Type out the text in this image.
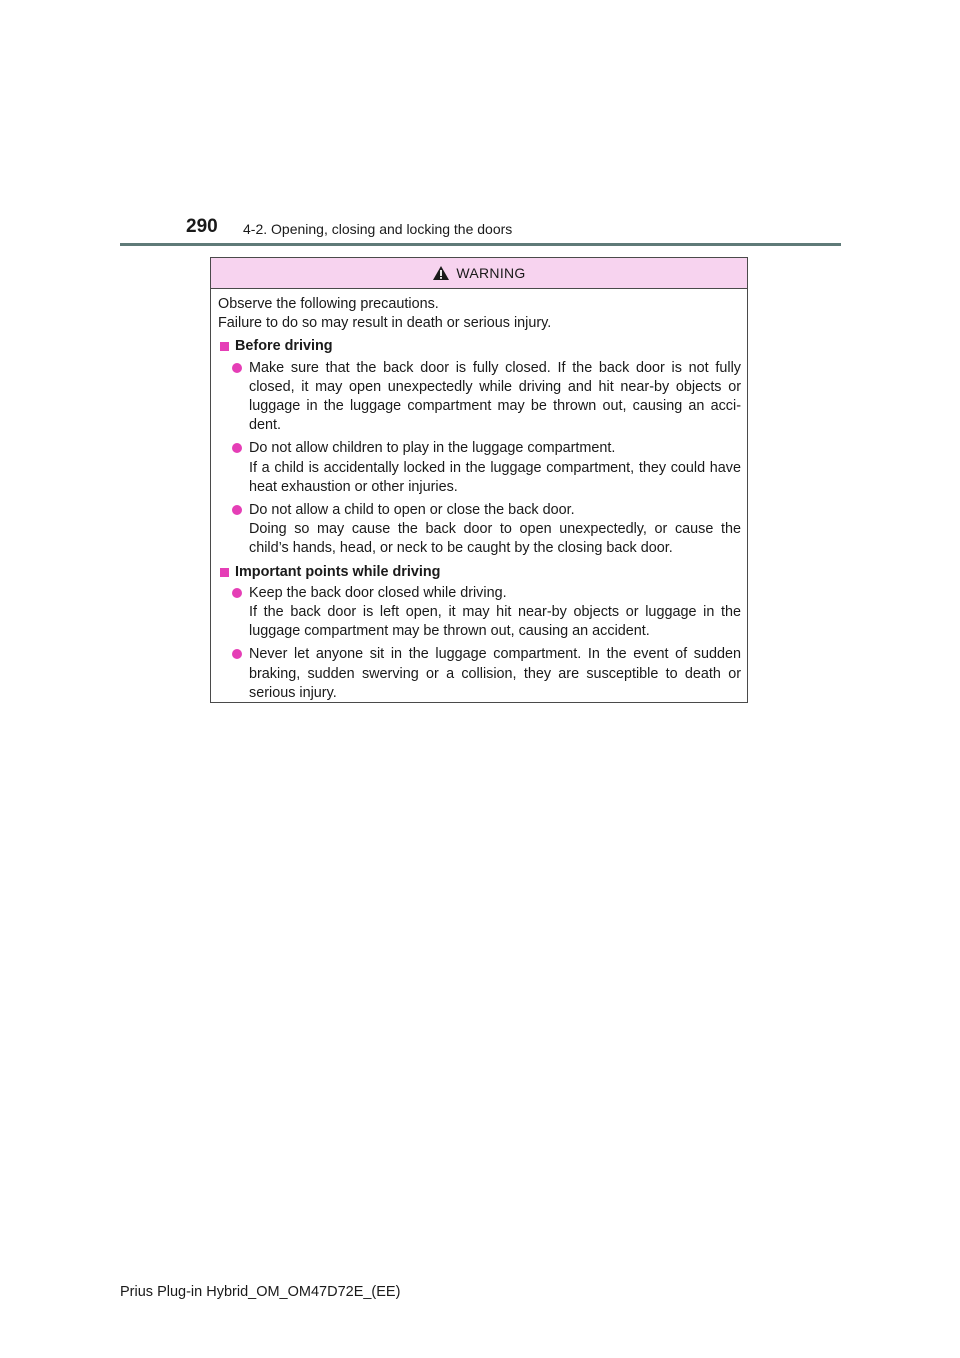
290 4-2. Opening, closing and locking the doors
WARNING
Observe the following precautions.
Failure to do so may result in death or serious injury.
Before driving
Make sure that the back door is fully closed. If the back door is not fully closed, it may open unexpectedly while driving and hit near-by objects or luggage in the luggage compartment may be thrown out, causing an acci-dent.
Do not allow children to play in the luggage compartment.
If a child is accidentally locked in the luggage compartment, they could have heat exhaustion or other injuries.
Do not allow a child to open or close the back door.
Doing so may cause the back door to open unexpectedly, or cause the child’s hands, head, or neck to be caught by the closing back door.
Important points while driving
Keep the back door closed while driving.
If the back door is left open, it may hit near-by objects or luggage in the luggage compartment may be thrown out, causing an accident.
Never let anyone sit in the luggage compartment. In the event of sudden braking, sudden swerving or a collision, they are susceptible to death or serious injury.
Prius Plug-in Hybrid_OM_OM47D72E_(EE)
